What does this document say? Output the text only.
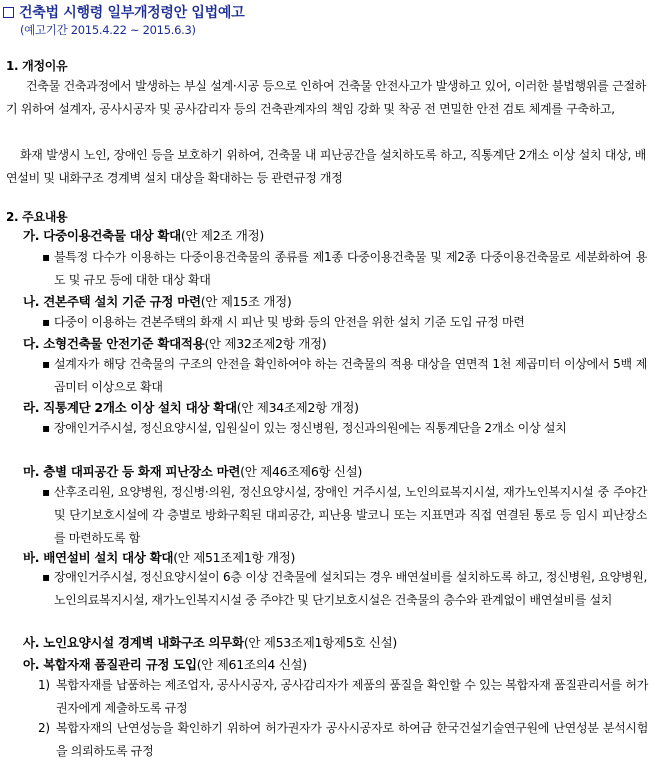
건축법 시행령 일부개정령안 입법예고
(예고기간 2015.4.22 ~ 2015.6.3)
1. 개정이유
건축물 건축과정에서 발생하는 부실 설계·시공 등으로 인하여 건축물 안전사고가 발생하고 있어, 이러한 불법행위를 근절하기 위하여 설계자, 공사시공자 및 공사감리자 등의 건축관계자의 책임 강화 및 착공 전 면밀한 안전 검토 체계를 구축하고,
화재 발생시 노인, 장애인 등을 보호하기 위하여, 건축물 내 피난공간을 설치하도록 하고, 직통계단 2개소 이상 설치 대상, 배연설비 및 내화구조 경계벽 설치 대상을 확대하는 등 관련규정 개정
2. 주요내용
가. 다중이용건축물 대상 확대(안 제2조 개정)
▪ 불특정 다수가 이용하는 다중이용건축물의 종류를 제1종 다중이용건축물 및 제2종 다중이용건축물로 세분화하여 용도 및 규모 등에 대한 대상 확대
나. 견본주택 설치 기준 규정 마련(안 제15조 개정)
▪ 다중이 이용하는 견본주택의 화재 시 피난 및 방화 등의 안전을 위한 설치 기준 도입 규정 마련
다. 소형건축물 안전기준 확대적용(안 제32조제2항 개정)
▪ 설계자가 해당 건축물의 구조의 안전을 확인하여야 하는 건축물의 적용 대상을 연면적 1천 제곱미터 이상에서 5백 제곱미터 이상으로 확대
라. 직통계단 2개소 이상 설치 대상 확대(안 제34조제2항 개정)
▪ 장애인거주시설, 정신요양시설, 입원실이 있는 정신병원, 정신과의원에는 직통계단을 2개소 이상 설치
마. 층별 대피공간 등 화재 피난장소 마련(안 제46조제6항 신설)
▪ 산후조리원, 요양병원, 정신병·의원, 정신요양시설, 장애인 거주시설, 노인의료복지시설, 재가노인복지시설 중 주야간 및 단기보호시설에 각 층별로 방화구획된 대피공간, 피난용 발코니 또는 지표면과 직접 연결된 통로 등 임시 피난장소를 마련하도록 함
바. 배연설비 설치 대상 확대(안 제51조제1항 개정)
▪ 장애인거주시설, 정신요양시설이 6층 이상 건축물에 설치되는 경우 배연설비를 설치하도록 하고, 정신병원, 요양병원, 노인의료복지시설, 재가노인복지시설 중 주야간 및 단기보호시설은 건축물의 층수와 관계없이 배연설비를 설치
사. 노인요양시설 경계벽 내화구조 의무화(안 제53조제1항제5호 신설)
아. 복합자재 품질관리 규정 도입(안 제61조의4 신설)
1) 복합자재를 납품하는 제조업자, 공사시공자, 공사감리자가 제품의 품질을 확인할 수 있는 복합자재 품질관리서를 허가권자에게 제출하도록 규정
2) 복합자재의 난연성능을 확인하기 위하여 허가권자가 공사시공자로 하여금 한국건설기술연구원에 난연성분 분석시험을 의뢰하도록 규정
